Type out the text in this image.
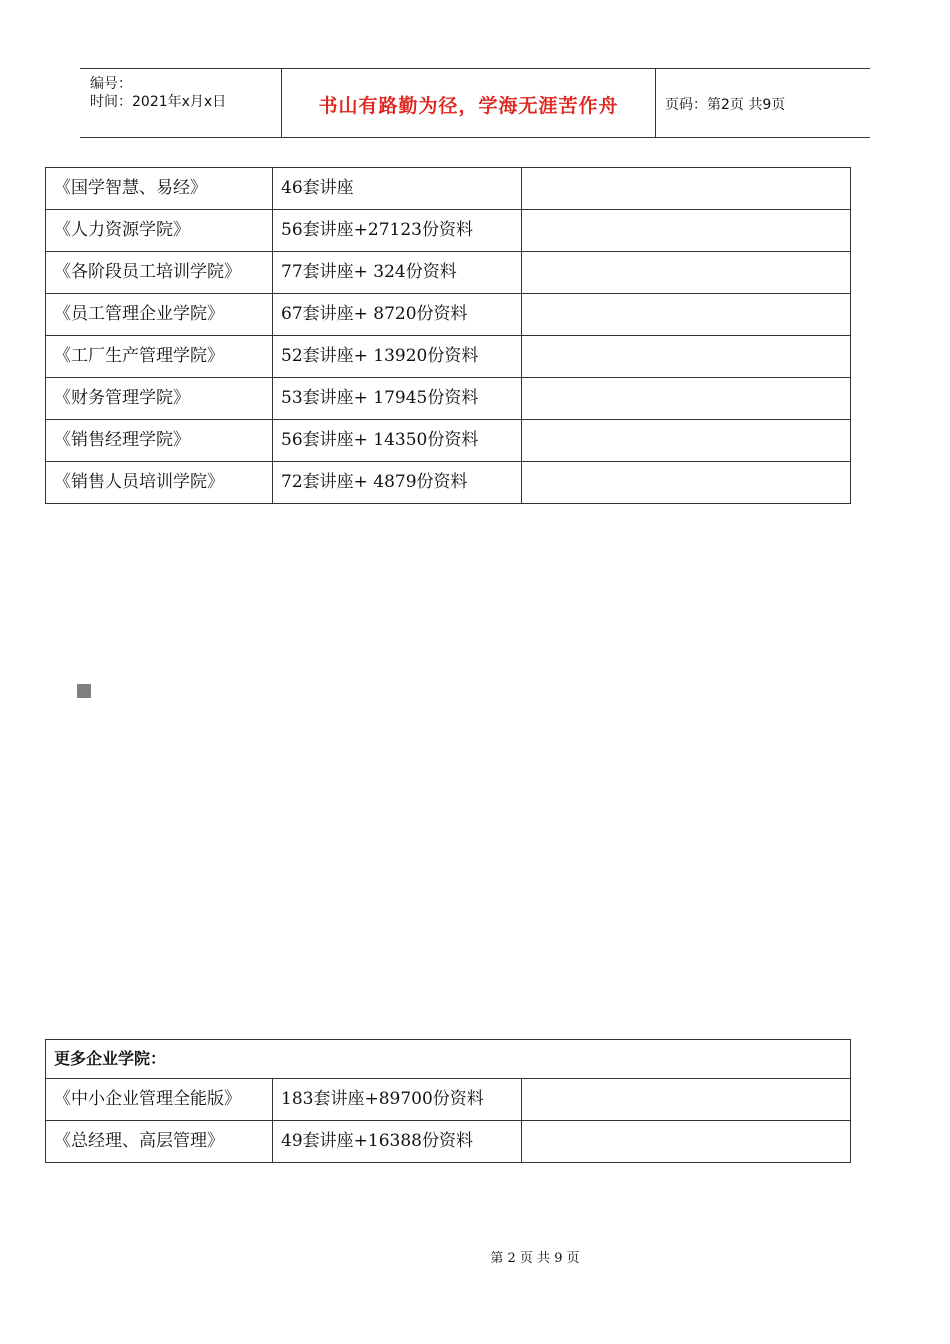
编号：
时间：2021年x月x日	书山有路勤为径，学海无涯苦作舟	页码：第2页 共9页
《国学智慧、易经》	46套讲座	
《人力资源学院》	56套讲座+27123份资料	
《各阶段员工培训学院》	77套讲座+ 324份资料	
《员工管理企业学院》	67套讲座+ 8720份资料	
《工厂生产管理学院》	52套讲座+ 13920份资料	
《财务管理学院》	53套讲座+ 17945份资料	
《销售经理学院》	56套讲座+ 14350份资料	
《销售人员培训学院》	72套讲座+ 4879份资料	
更多企业学院：		
《中小企业管理全能版》	183套讲座+89700份资料	
《总经理、高层管理》	49套讲座+16388份资料	
第 2 页 共 9 页
